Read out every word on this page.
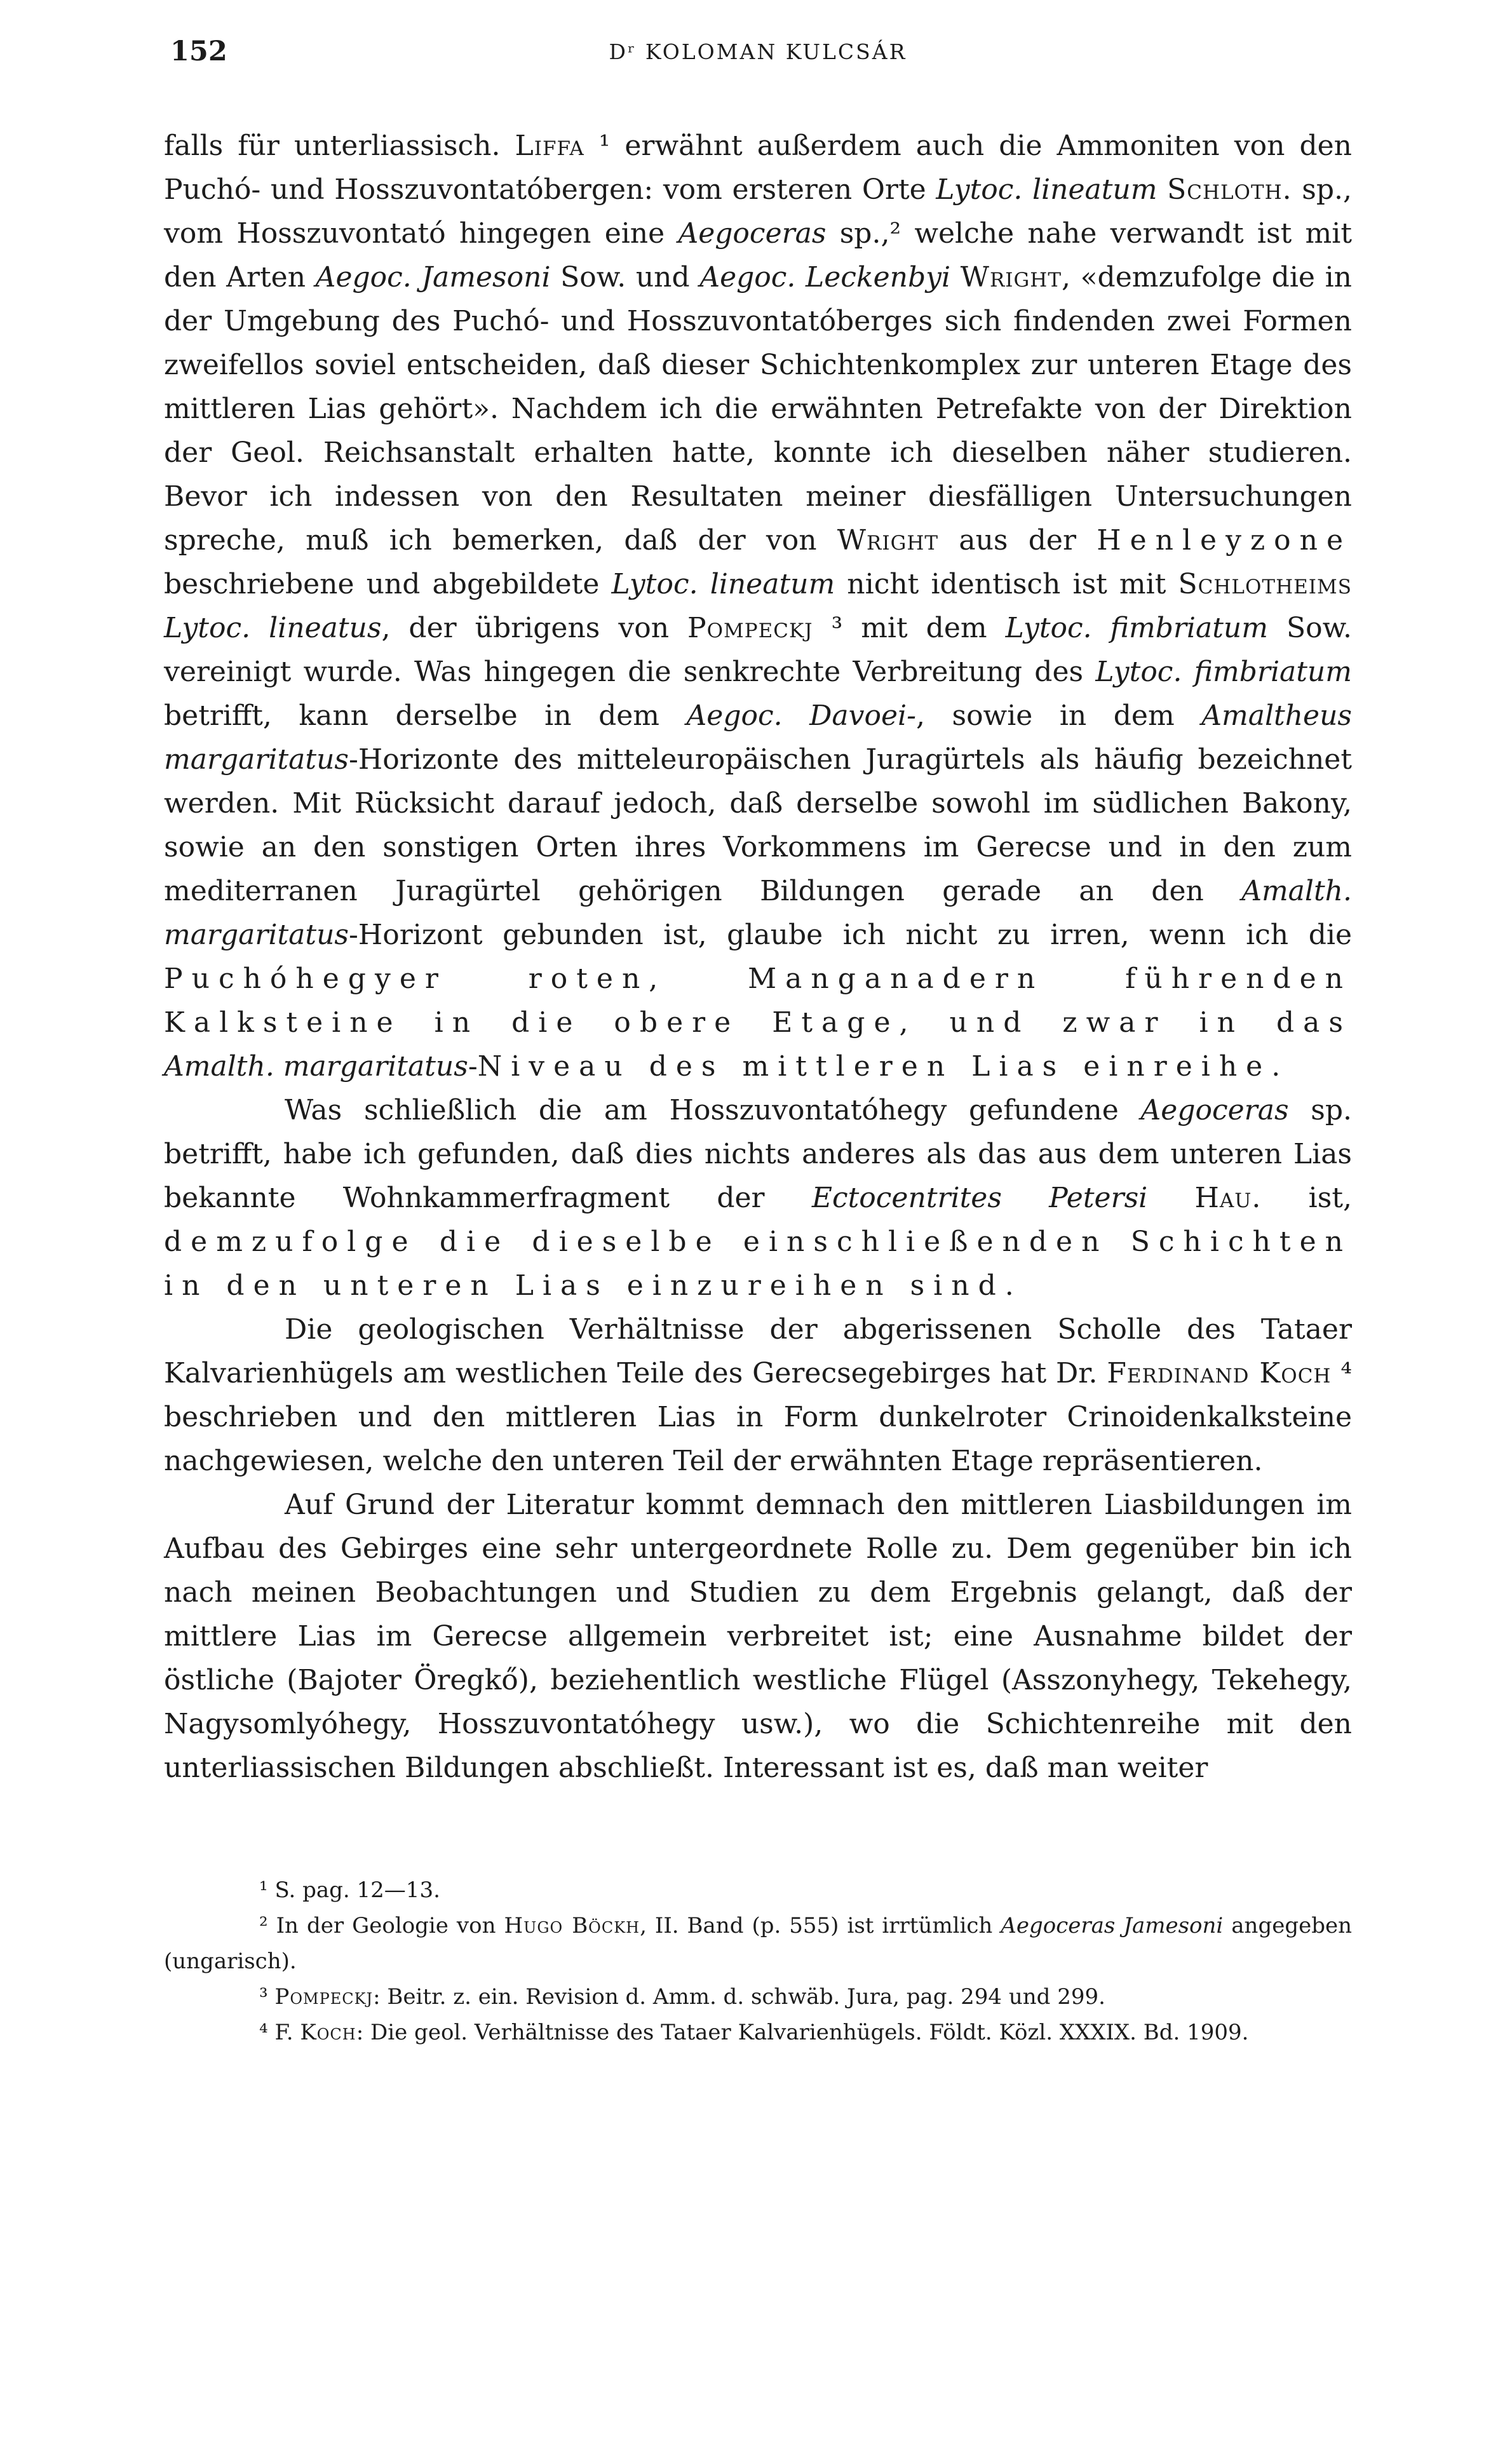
152	Dʳ KOLOMAN KULCSÁR

falls für unterliassisch. Liffa ¹ erwähnt außerdem auch die Ammoniten von den Puchó- und Hosszuvontatóbergen: vom ersteren Orte Lytoc. lineatum Schloth. sp., vom Hosszuvontató hingegen eine Aegoceras sp.,² welche nahe verwandt ist mit den Arten Aegoc. Jamesoni Sow. und Aegoc. Leckenbyi Wright, «demzufolge die in der Umgebung des Puchó- und Hosszuvontatóberges sich findenden zwei Formen zweifellos soviel entscheiden, daß dieser Schichtenkomplex zur unteren Etage des mittleren Lias gehört». Nachdem ich die erwähnten Petrefakte von der Direktion der Geol. Reichsanstalt erhalten hatte, konnte ich dieselben näher studieren. Bevor ich indessen von den Resultaten meiner diesfälligen Untersuchungen spreche, muß ich bemerken, daß der von Wright aus der Henleyzone beschriebene und abgebildete Lytoc. lineatum nicht identisch ist mit Schlotheims Lytoc. lineatus, der übrigens von Pompeckj ³ mit dem Lytoc. fimbriatum Sow. vereinigt wurde. Was hingegen die senkrechte Verbreitung des Lytoc. fimbriatum betrifft, kann derselbe in dem Aegoc. Davoei-, sowie in dem Amaltheus margaritatus-Horizonte des mitteleuropäischen Juragürtels als häufig bezeichnet werden. Mit Rücksicht darauf jedoch, daß derselbe sowohl im südlichen Bakony, sowie an den sonstigen Orten ihres Vorkommens im Gerecse und in den zum mediterranen Juragürtel gehörigen Bildungen gerade an den Amalth. margaritatus-Horizont gebunden ist, glaube ich nicht zu irren, wenn ich die Puchóhegyer roten, Manganadern führenden Kalksteine in die obere Etage, und zwar in das Amalth. margaritatus-Niveau des mittleren Lias einreihe.

Was schließlich die am Hosszuvontatóhegy gefundene Aegoceras sp. betrifft, habe ich gefunden, daß dies nichts anderes als das aus dem unteren Lias bekannte Wohnkammerfragment der Ectocentrites Petersi Hau. ist, demzufolge die dieselbe einschließenden Schichten in den unteren Lias einzureihen sind.

Die geologischen Verhältnisse der abgerissenen Scholle des Tataer Kalvarienhügels am westlichen Teile des Gerecsegebirges hat Dr. Ferdinand Koch ⁴ beschrieben und den mittleren Lias in Form dunkelroter Crinoidenkalksteine nachgewiesen, welche den unteren Teil der erwähnten Etage repräsentieren.

Auf Grund der Literatur kommt demnach den mittleren Liasbildungen im Aufbau des Gebirges eine sehr untergeordnete Rolle zu. Dem gegenüber bin ich nach meinen Beobachtungen und Studien zu dem Ergebnis gelangt, daß der mittlere Lias im Gerecse allgemein verbreitet ist; eine Ausnahme bildet der östliche (Bajoter Öregkő), beziehentlich westliche Flügel (Asszonyhegy, Tekehegy, Nagysomlyóhegy, Hosszuvontatóhegy usw.), wo die Schichtenreihe mit den unterliassischen Bildungen abschließt. Interessant ist es, daß man weiter

¹ S. pag. 12—13.

² In der Geologie von Hugo Böckh, II. Band (p. 555) ist irrtümlich Aegoceras Jamesoni angegeben (ungarisch).

³ Pompeckj: Beitr. z. ein. Revision d. Amm. d. schwäb. Jura, pag. 294 und 299.

⁴ F. Koch: Die geol. Verhältnisse des Tataer Kalvarienhügels. Földt. Közl. XXXIX. Bd. 1909.
